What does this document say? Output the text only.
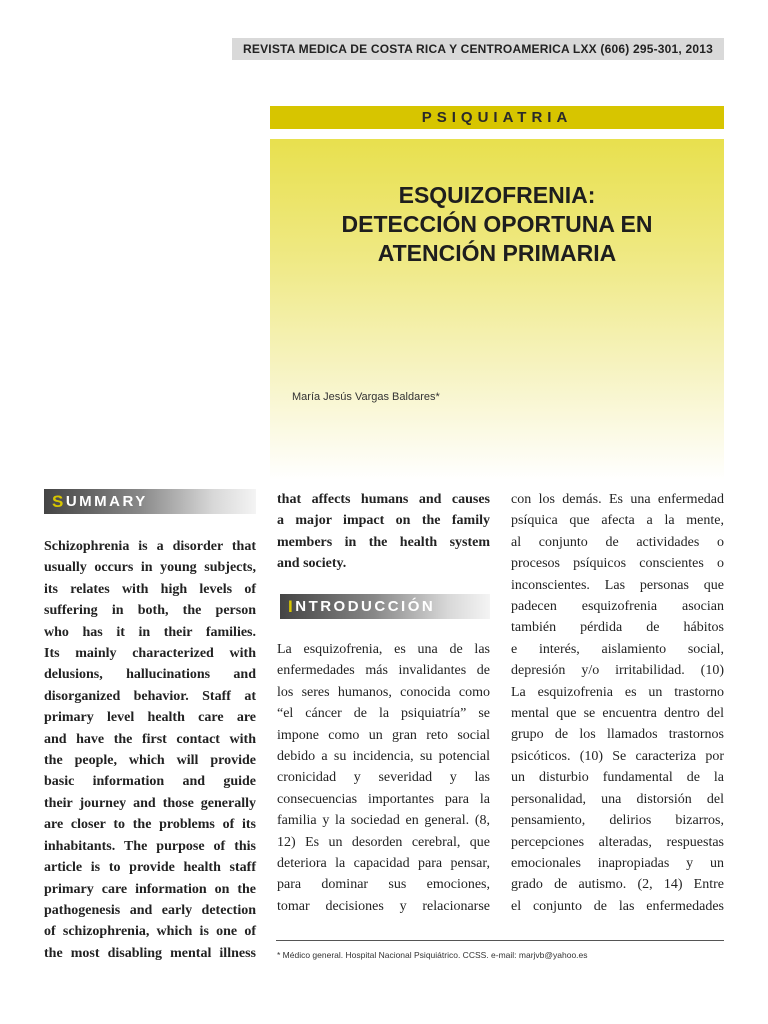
REVISTA MEDICA DE COSTA RICA Y CENTROAMERICA LXX (606) 295-301, 2013
PSIQUIATRIA
ESQUIZOFRENIA:
DETECCIÓN OPORTUNA EN
ATENCIÓN PRIMARIA
María Jesús Vargas Baldares*
S UMMARY
Schizophrenia is a disorder that
usually occurs in young subjects,
its relates with high levels of
suffering in both, the person
who has it in their families.
Its mainly characterized with
delusions, hallucinations and
disorganized behavior. Staff at
primary level health care are
and have the first contact with
the people, which will provide
basic information and guide
their journey and those generally
are closer to the problems of its
inhabitants. The purpose of this
article is to provide health staff
primary care information on the
pathogenesis and early detection
of schizophrenia, which is one of
the most disabling mental illness
that affects humans and causes
a major impact on the family
members in the health system
and society.
I NTRODUCCIÓN
La esquizofrenia, es una de las
enfermedades más invalidantes de
los seres humanos, conocida como
“el cáncer de la psiquiatría” se
impone como un gran reto social
debido a su incidencia, su potencial
cronicidad y severidad y las
consecuencias importantes para la
familia y la sociedad en general. (8,
12) Es un desorden cerebral, que
deteriora la capacidad para pensar,
para dominar sus emociones,
tomar decisiones y relacionarse
con los demás. Es una enfermedad
psíquica que afecta a la mente,
al conjunto de actividades o
procesos psíquicos conscientes o
inconscientes. Las personas que
padecen esquizofrenia asocian
también pérdida de hábitos
e interés, aislamiento social,
depresión y/o irritabilidad. (10)
La esquizofrenia es un trastorno
mental que se encuentra dentro del
grupo de los llamados trastornos
psicóticos. (10) Se caracteriza por
un disturbio fundamental de la
personalidad, una distorsión del
pensamiento, delirios bizarros,
percepciones alteradas, respuestas
emocionales inapropiadas y un
grado de autismo. (2, 14) Entre
el conjunto de las enfermedades
* Médico general. Hospital Nacional Psiquiátrico. CCSS. e-mail: marjvb@yahoo.es
